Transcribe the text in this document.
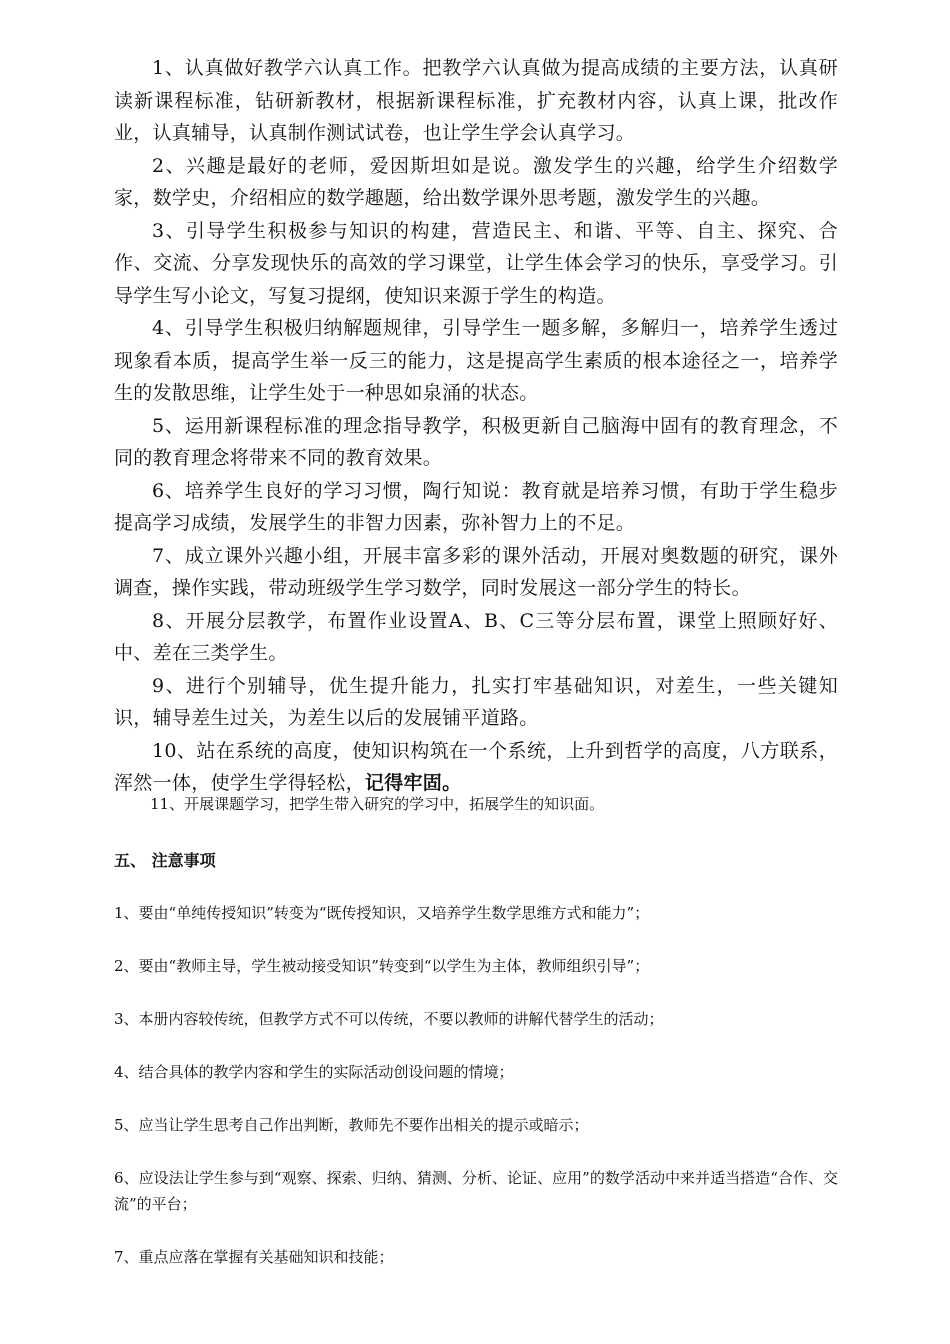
1、认真做好教学六认真工作。把教学六认真做为提高成绩的主要方法，认真研读新课程标准，钻研新教材，根据新课程标准，扩充教材内容，认真上课，批改作业，认真辅导，认真制作测试试卷，也让学生学会认真学习。

2、兴趣是最好的老师，爱因斯坦如是说。激发学生的兴趣，给学生介绍数学家，数学史，介绍相应的数学趣题，给出数学课外思考题，激发学生的兴趣。

3、引导学生积极参与知识的构建，营造民主、和谐、平等、自主、探究、合作、交流、分享发现快乐的高效的学习课堂，让学生体会学习的快乐，享受学习。引导学生写小论文，写复习提纲，使知识来源于学生的构造。

4、引导学生积极归纳解题规律，引导学生一题多解，多解归一，培养学生透过现象看本质，提高学生举一反三的能力，这是提高学生素质的根本途径之一，培养学生的发散思维，让学生处于一种思如泉涌的状态。

5、运用新课程标准的理念指导教学，积极更新自己脑海中固有的教育理念，不同的教育理念将带来不同的教育效果。

6、培养学生良好的学习习惯，陶行知说：教育就是培养习惯，有助于学生稳步提高学习成绩，发展学生的非智力因素，弥补智力上的不足。

7、成立课外兴趣小组，开展丰富多彩的课外活动，开展对奥数题的研究，课外调查，操作实践，带动班级学生学习数学，同时发展这一部分学生的特长。

8、开展分层教学，布置作业设置A、B、C三等分层布置，课堂上照顾好好、中、差在三类学生。

9、进行个别辅导，优生提升能力，扎实打牢基础知识，对差生，一些关键知识，辅导差生过关，为差生以后的发展铺平道路。

10、站在系统的高度，使知识构筑在一个系统，上升到哲学的高度，八方联系，浑然一体，使学生学得轻松，记得牢固。

11、开展课题学习，把学生带入研究的学习中，拓展学生的知识面。
五、 注意事项

1、要由“单纯传授知识”转变为“既传授知识，又培养学生数学思维方式和能力”；

2、要由“教师主导，学生被动接受知识”转变到“以学生为主体，教师组织引导”；

3、本册内容较传统，但教学方式不可以传统，不要以教师的讲解代替学生的活动；

4、结合具体的教学内容和学生的实际活动创设问题的情境；

5、应当让学生思考自己作出判断，教师先不要作出相关的提示或暗示；

6、应设法让学生参与到“观察、探索、归纳、猜测、分析、论证、应用”的数学活动中来并适当搭造“合作、交流”的平台；

7、重点应落在掌握有关基础知识和技能；
